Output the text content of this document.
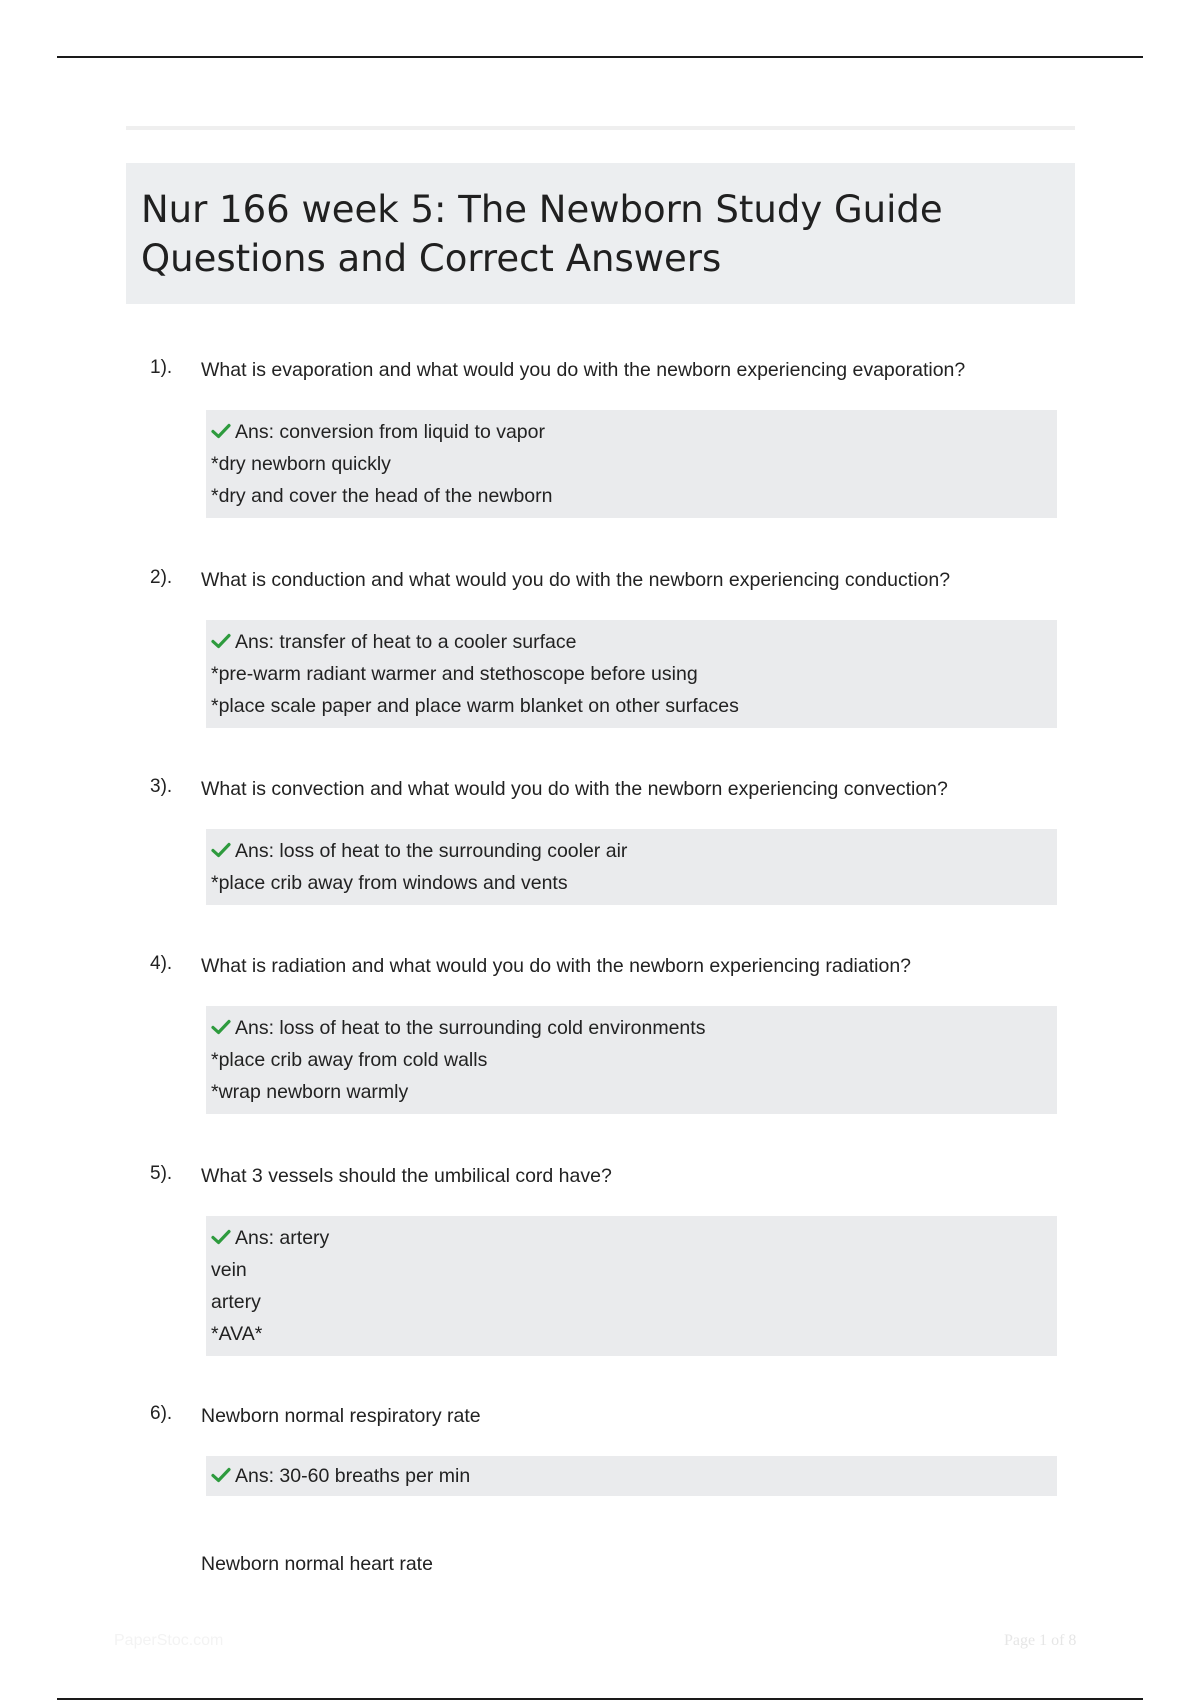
Nur 166 week 5: The Newborn Study Guide
Questions and Correct Answers
1). What is evaporation and what would you do with the newborn experiencing evaporation?
Ans: conversion from liquid to vapor
*dry newborn quickly
*dry and cover the head of the newborn
2). What is conduction and what would you do with the newborn experiencing conduction?
Ans: transfer of heat to a cooler surface
*pre-warm radiant warmer and stethoscope before using
*place scale paper and place warm blanket on other surfaces
3). What is convection and what would you do with the newborn experiencing convection?
Ans: loss of heat to the surrounding cooler air
*place crib away from windows and vents
4). What is radiation and what would you do with the newborn experiencing radiation?
Ans: loss of heat to the surrounding cold environments
*place crib away from cold walls
*wrap newborn warmly
5). What 3 vessels should the umbilical cord have?
Ans: artery
vein
artery
*AVA*
6). Newborn normal respiratory rate
Ans: 30-60 breaths per min
Newborn normal heart rate
PaperStoc.com	Page 1 of 8
